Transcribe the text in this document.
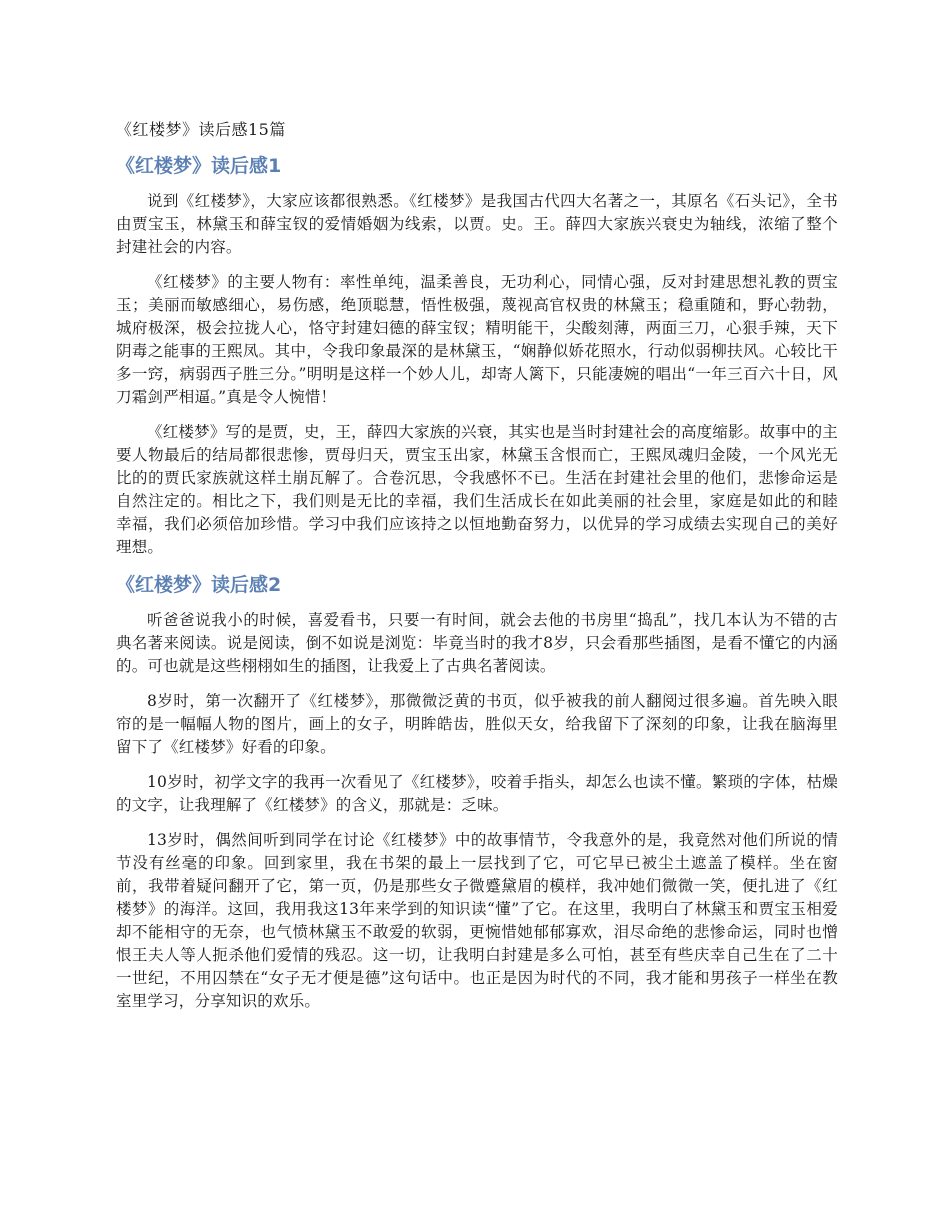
《红楼梦》读后感15篇
《红楼梦》读后感1

说到《红楼梦》，大家应该都很熟悉。《红楼梦》是我国古代四大名著之一，其原名《石头记》，全书由贾宝玉，林黛玉和薛宝钗的爱情婚姻为线索，以贾。史。王。薛四大家族兴衰史为轴线，浓缩了整个封建社会的内容。

《红楼梦》的主要人物有：率性单纯，温柔善良，无功利心，同情心强，反对封建思想礼教的贾宝玉；美丽而敏感细心，易伤感，绝顶聪慧，悟性极强，蔑视高官权贵的林黛玉；稳重随和，野心勃勃，城府极深，极会拉拢人心，恪守封建妇德的薛宝钗；精明能干，尖酸刻薄，两面三刀，心狠手辣，天下阴毒之能事的王熙凤。其中，令我印象最深的是林黛玉，“娴静似娇花照水，行动似弱柳扶风。心较比干多一窍，病弱西子胜三分。”明明是这样一个妙人儿，却寄人篱下，只能凄婉的唱出“一年三百六十日，风刀霜剑严相逼。”真是令人惋惜！

《红楼梦》写的是贾，史，王，薛四大家族的兴衰，其实也是当时封建社会的高度缩影。故事中的主要人物最后的结局都很悲惨，贾母归天，贾宝玉出家，林黛玉含恨而亡，王熙凤魂归金陵，一个风光无比的的贾氏家族就这样土崩瓦解了。合卷沉思，令我感怀不已。生活在封建社会里的他们，悲惨命运是自然注定的。相比之下，我们则是无比的幸福，我们生活成长在如此美丽的社会里，家庭是如此的和睦幸福，我们必须倍加珍惜。学习中我们应该持之以恒地勤奋努力，以优异的学习成绩去实现自己的美好理想。

《红楼梦》读后感2

听爸爸说我小的时候，喜爱看书，只要一有时间，就会去他的书房里“捣乱”，找几本认为不错的古典名著来阅读。说是阅读，倒不如说是浏览：毕竟当时的我才8岁，只会看那些插图，是看不懂它的内涵的。可也就是这些栩栩如生的插图，让我爱上了古典名著阅读。

8岁时，第一次翻开了《红楼梦》，那微微泛黄的书页，似乎被我的前人翻阅过很多遍。首先映入眼帘的是一幅幅人物的图片，画上的女子，明眸皓齿，胜似天女，给我留下了深刻的印象，让我在脑海里留下了《红楼梦》好看的印象。

10岁时，初学文字的我再一次看见了《红楼梦》，咬着手指头，却怎么也读不懂。繁琐的字体，枯燥的文字，让我理解了《红楼梦》的含义，那就是：乏味。

13岁时，偶然间听到同学在讨论《红楼梦》中的故事情节，令我意外的是，我竟然对他们所说的情节没有丝毫的印象。回到家里，我在书架的最上一层找到了它，可它早已被尘土遮盖了模样。坐在窗前，我带着疑问翻开了它，第一页，仍是那些女子微蹙黛眉的模样，我冲她们微微一笑，便扎进了《红楼梦》的海洋。这回，我用我这13年来学到的知识读“懂”了它。在这里，我明白了林黛玉和贾宝玉相爱却不能相守的无奈，也气愤林黛玉不敢爱的软弱，更惋惜她郁郁寡欢，泪尽命绝的悲惨命运，同时也憎恨王夫人等人扼杀他们爱情的残忍。这一切，让我明白封建是多么可怕，甚至有些庆幸自己生在了二十一世纪，不用囚禁在“女子无才便是德”这句话中。也正是因为时代的不同，我才能和男孩子一样坐在教室里学习，分享知识的欢乐。
